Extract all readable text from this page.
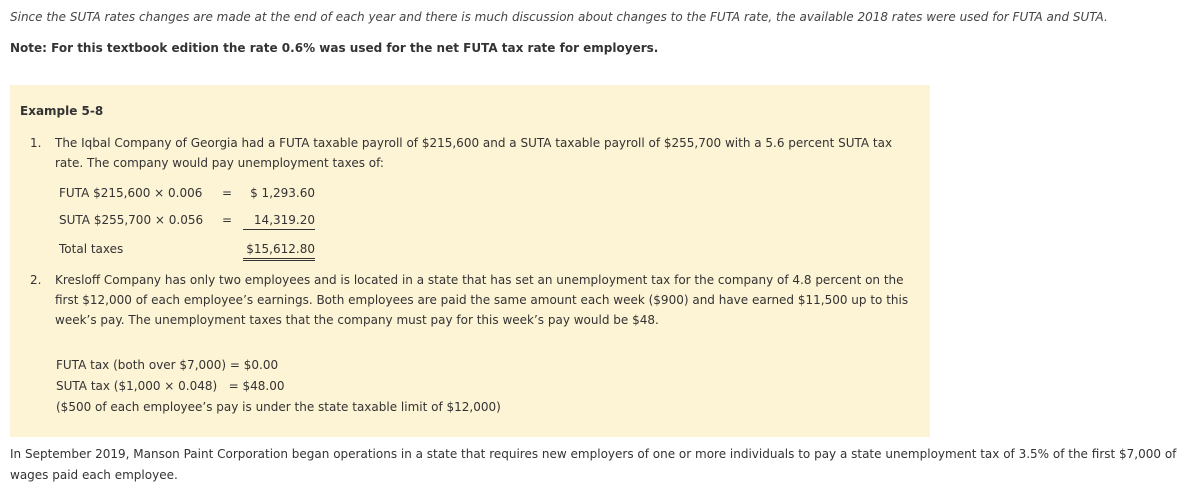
Since the SUTA rates changes are made at the end of each year and there is much discussion about changes to the FUTA rate, the available 2018 rates were used for FUTA and SUTA.

Note: For this textbook edition the rate 0.6% was used for the net FUTA tax rate for employers.

Example 5-8

1. The Iqbal Company of Georgia had a FUTA taxable payroll of $215,600 and a SUTA taxable payroll of $255,700 with a 5.6 percent SUTA tax rate. The company would pay unemployment taxes of:
FUTA $215,600 × 0.006 =	$ 1,293.60
SUTA $255,700 × 0.056 =	14,319.20
Total taxes	$15,612.80
2. Kresloff Company has only two employees and is located in a state that has set an unemployment tax for the company of 4.8 percent on the first $12,000 of each employee’s earnings. Both employees are paid the same amount each week ($900) and have earned $11,500 up to this week’s pay. The unemployment taxes that the company must pay for this week’s pay would be $48.
FUTA tax (both over $7,000) = $0.00
SUTA tax ($1,000 × 0.048)   = $48.00
($500 of each employee’s pay is under the state taxable limit of $12,000)

In September 2019, Manson Paint Corporation began operations in a state that requires new employers of one or more individuals to pay a state unemployment tax of 3.5% of the first $7,000 of wages paid each employee.
